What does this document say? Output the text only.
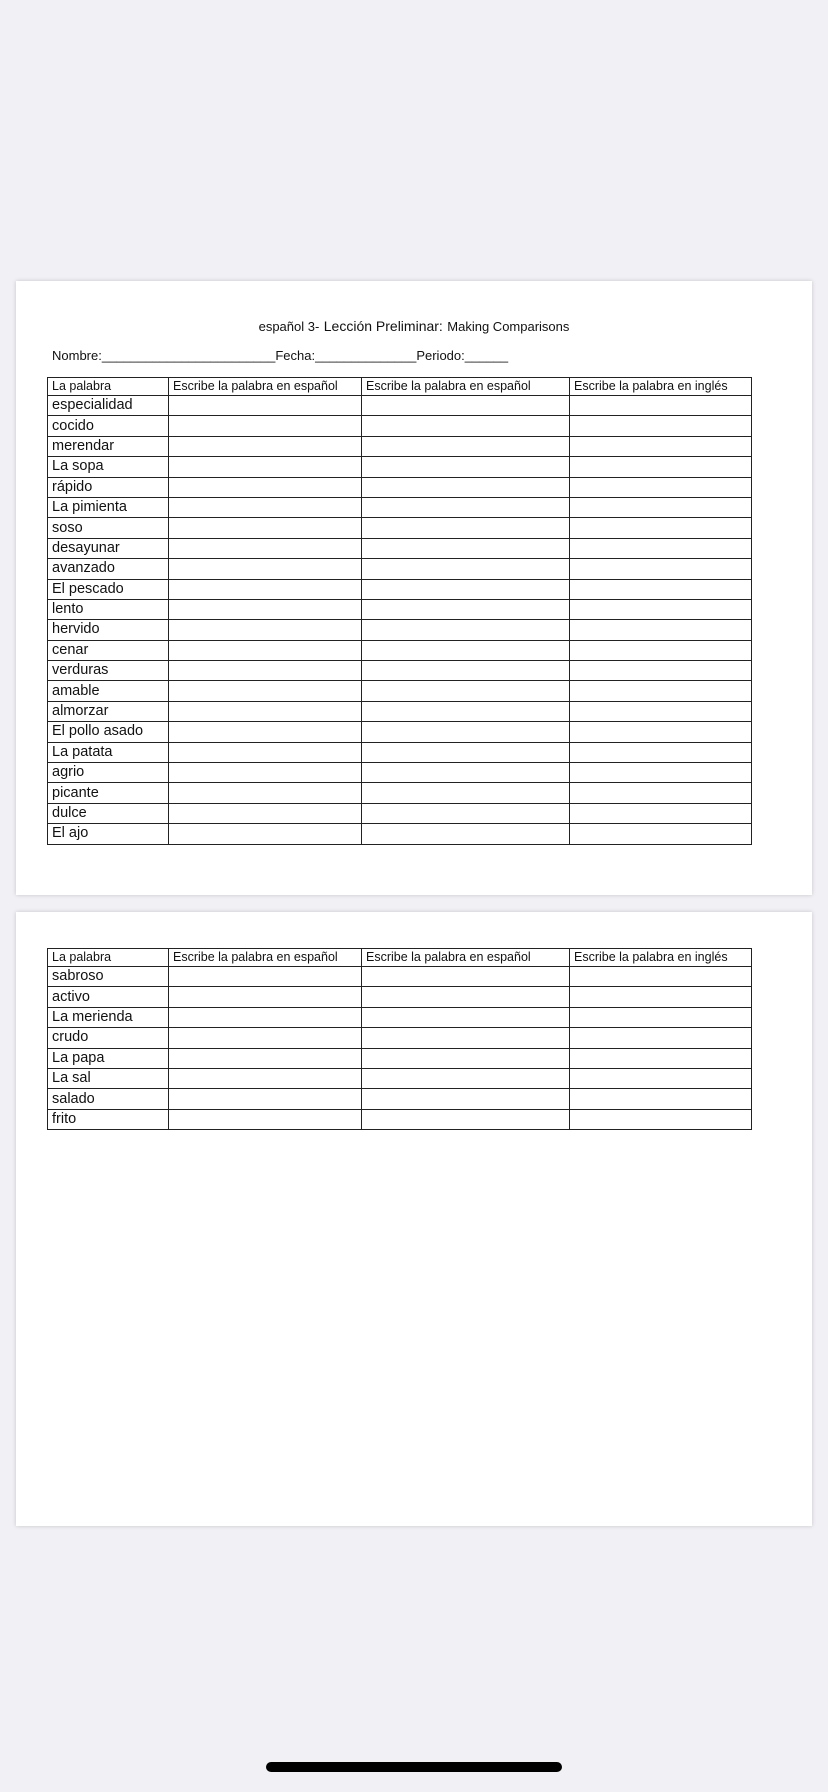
español 3- Lección Preliminar: Making Comparisons
Nombre:________________________Fecha:______________Periodo:______
La palabra	Escribe la palabra en español	Escribe la palabra en español	Escribe la palabra en inglés
especialidad			
cocido			
merendar			
La sopa			
rápido			
La pimienta			
soso			
desayunar			
avanzado			
El pescado			
lento			
hervido			
cenar			
verduras			
amable			
almorzar			
El pollo asado			
La patata			
agrio			
picante			
dulce			
El ajo			
La palabra	Escribe la palabra en español	Escribe la palabra en español	Escribe la palabra en inglés
sabroso			
activo			
La merienda			
crudo			
La papa			
La sal			
salado			
frito			
